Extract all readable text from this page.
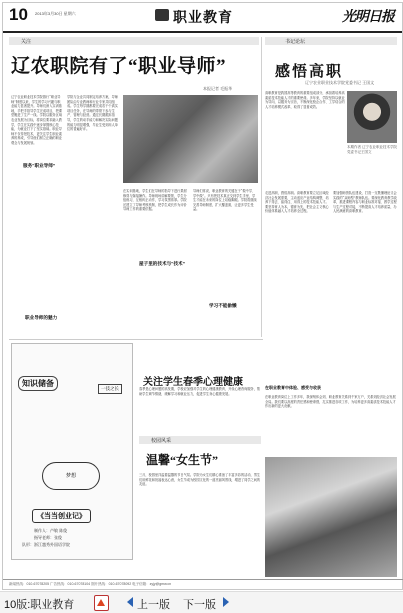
10 2013年3月30日 星期六	职业教育	光明日报
关注
辽农职院有了“职业导师”
本报记者 毛振华
辽宁农业职业技术学院推行“职业导师”制度以来，学生的学习兴趣与职业能力显著提升。导师们深入实训基地，手把手指导学生完成项目，把课堂搬进了生产一线。学院以服务区域农业发展为目标，将岗位要求融入教学，学生在实践中逐步掌握核心技能，为就业打下了坚实基础。职业导师不仅传授技术，更关注学生职业素养的养成，引导他们树立正确的职业观念与发展规划。
服务“职业导师”
职业导师的魅力
学院与企业共同制定培养方案，导师团队由专业教师和行业专家共同组成。学生每学期都要完成若干个真实项目任务，在导师的带领下参与生产、管理与经营。通过长期跟踪指导，学生的动手能力和解决实际问题的能力明显增强，毕业生受到用人单位的普遍好评。
在实训基地，学生们在导师的指导下进行果树修剪与嫁接操作。导师现场讲解要领，学生分组练习，互相纠正动作，学习氛围浓厚。学院还建立了导师考核机制，把学生成长作为评价导师工作的重要依据。
屋子里的技术与“技术”
导师们常说，职业教育的关键在于“做中学、学中做”。只有把技术真正交到学生手里，学生才能在未来的岗位上站稳脚跟。学院将继续完善导师制度，扩大覆盖面，让更多学生受益。
学习不能偷懒
书记论坛
感悟高职
辽宁农业职业技术学院党委书记 王国文
高职教育是我国高等教育的重要组成部分，承担着培养高素质技术技能人才的重要使命。多年来，学院坚持以就业为导向，以服务为宗旨，不断深化校企合作、工学结合的人才培养模式改革，取得了显著成效。
本期作者 辽宁农业职业技术学院党委书记王国文
走进高职，感悟高职。高职教育要立足区域经济社会发展需要，主动适应产业结构调整，培养下得去、留得住、用得上的技术技能人才。要坚持育人为本，德育为先，把社会主义核心价值体系融入人才培养全过程。
要加强师资队伍建设，打造一支既懂理论又会实践的“双师型”教师队伍。要深化教育教学改革，推进课程内容与职业标准对接、教学过程与生产过程对接，不断提高人才培养质量，办人民满意的高职教育。
在职业教育中体验、感受与收获
在职业教育岗位上工作多年，我深刻体会到，职业教育关系到千家万户，关系到经济社会发展全局。我们要以高度的责任感和使命感，扎实推进各项工作，为培养更多高素质技术技能人才作出新的更大贡献。
知识储备
一技之长
梦想
《当当创业记》
制作人：卢敏 陈俊
指导老师：张俊
队形：浙江越秀外国语学院
关注学生春季心理健康
春季是心理问题的高发期，学校应加强对学生的心理健康教育，开设心理咨询服务，帮助学生调节情绪，缓解学习和就业压力，促进学生身心健康发展。
校园风采
温馨“女生节”
三月，校园里洋溢着温馨的节日气氛。学院为女生们精心准备了丰富多彩的活动，男生们用鲜花和祝福表达心意，女生节成为校园文化的一道亮丽风景线，增进了同学之间的友谊。
新闻热线：010-67078205 广告热线：010-67078104 图片热线：010-67078092 电子信箱：zyjy@gmw.cn
10版:职业教育	上一版 下一版
